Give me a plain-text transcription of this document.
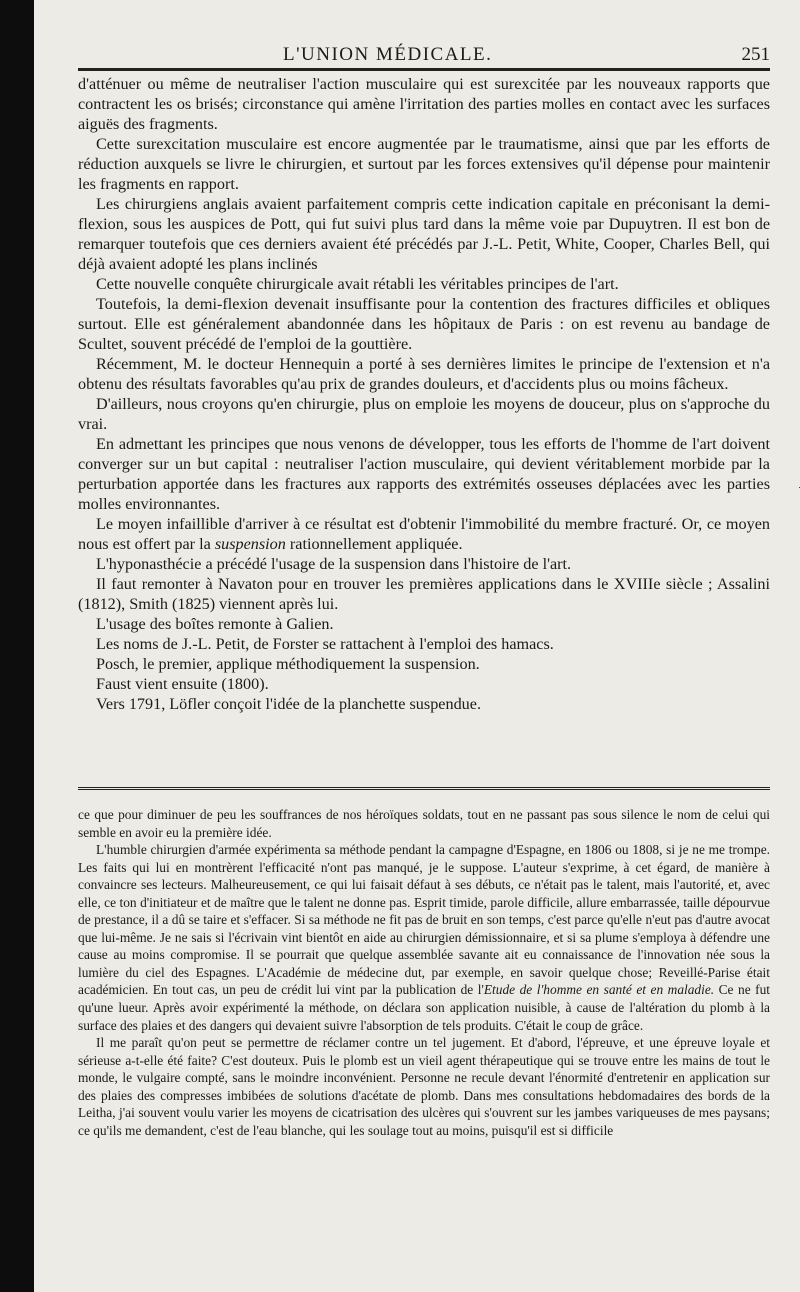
L'UNION MÉDICALE.	251

d'atténuer ou même de neutraliser l'action musculaire qui est surexcitée par les nouveaux rapports que contractent les os brisés; circonstance qui amène l'irritation des parties molles en contact avec les surfaces aiguës des fragments.

Cette surexcitation musculaire est encore augmentée par le traumatisme, ainsi que par les efforts de réduction auxquels se livre le chirurgien, et surtout par les forces extensives qu'il dépense pour maintenir les fragments en rapport.

Les chirurgiens anglais avaient parfaitement compris cette indication capitale en préconisant la demi-flexion, sous les auspices de Pott, qui fut suivi plus tard dans la même voie par Dupuytren. Il est bon de remarquer toutefois que ces derniers avaient été précédés par J.-L. Petit, White, Cooper, Charles Bell, qui déjà avaient adopté les plans inclinés

Cette nouvelle conquête chirurgicale avait rétabli les véritables principes de l'art.

Toutefois, la demi-flexion devenait insuffisante pour la contention des fractures difficiles et obliques surtout. Elle est généralement abandonnée dans les hôpitaux de Paris : on est revenu au bandage de Scultet, souvent précédé de l'emploi de la gouttière.

Récemment, M. le docteur Hennequin a porté à ses dernières limites le principe de l'extension et n'a obtenu des résultats favorables qu'au prix de grandes douleurs, et d'accidents plus ou moins fâcheux.

D'ailleurs, nous croyons qu'en chirurgie, plus on emploie les moyens de douceur, plus on s'approche du vrai.

En admettant les principes que nous venons de développer, tous les efforts de l'homme de l'art doivent converger sur un but capital : neutraliser l'action musculaire, qui devient véritablement morbide par la perturbation apportée dans les fractures aux rapports des extrémités osseuses déplacées avec les parties molles environnantes.

Le moyen infaillible d'arriver à ce résultat est d'obtenir l'immobilité du membre fracturé. Or, ce moyen nous est offert par la suspension rationnellement appliquée.

L'hyponasthécie a précédé l'usage de la suspension dans l'histoire de l'art.

Il faut remonter à Navaton pour en trouver les premières applications dans le XVIIIe siècle ; Assalini (1812), Smith (1825) viennent après lui.

L'usage des boîtes remonte à Galien.

Les noms de J.-L. Petit, de Forster se rattachent à l'emploi des hamacs.

Posch, le premier, applique méthodiquement la suspension.

Faust vient ensuite (1800).

Vers 1791, Löfler conçoit l'idée de la planchette suspendue.

ce que pour diminuer de peu les souffrances de nos héroïques soldats, tout en ne passant pas sous silence le nom de celui qui semble en avoir eu la première idée.

L'humble chirurgien d'armée expérimenta sa méthode pendant la campagne d'Espagne, en 1806 ou 1808, si je ne me trompe. Les faits qui lui en montrèrent l'efficacité n'ont pas manqué, je le suppose. L'auteur s'exprime, à cet égard, de manière à convaincre ses lecteurs. Malheureusement, ce qui lui faisait défaut à ses débuts, ce n'était pas le talent, mais l'autorité, et, avec elle, ce ton d'initiateur et de maître que le talent ne donne pas. Esprit timide, parole difficile, allure embarrassée, taille dépourvue de prestance, il a dû se taire et s'effacer. Si sa méthode ne fit pas de bruit en son temps, c'est parce qu'elle n'eut pas d'autre avocat que lui-même. Je ne sais si l'écrivain vint bientôt en aide au chirurgien démissionnaire, et si sa plume s'employa à défendre une cause au moins compromise. Il se pourrait que quelque assemblée savante ait eu connaissance de l'innovation née sous la lumière du ciel des Espagnes. L'Académie de médecine dut, par exemple, en savoir quelque chose; Reveillé-Parise était académicien. En tout cas, un peu de crédit lui vint par la publication de l'Etude de l'homme en santé et en maladie. Ce ne fut qu'une lueur. Après avoir expérimenté la méthode, on déclara son application nuisible, à cause de l'altération du plomb à la surface des plaies et des dangers qui devaient suivre l'absorption de tels produits. C'était le coup de grâce.

Il me paraît qu'on peut se permettre de réclamer contre un tel jugement. Et d'abord, l'épreuve, et une épreuve loyale et sérieuse a-t-elle été faite? C'est douteux. Puis le plomb est un vieil agent thérapeutique qui se trouve entre les mains de tout le monde, le vulgaire compté, sans le moindre inconvénient. Personne ne recule devant l'énormité d'entretenir en application sur des plaies des compresses imbibées de solutions d'acétate de plomb. Dans mes consultations hebdomadaires des bords de la Leitha, j'ai souvent voulu varier les moyens de cicatrisation des ulcères qui s'ouvrent sur les jambes variqueuses de mes paysans; ce qu'ils me demandent, c'est de l'eau blanche, qui les soulage tout au moins, puisqu'il est si difficile
